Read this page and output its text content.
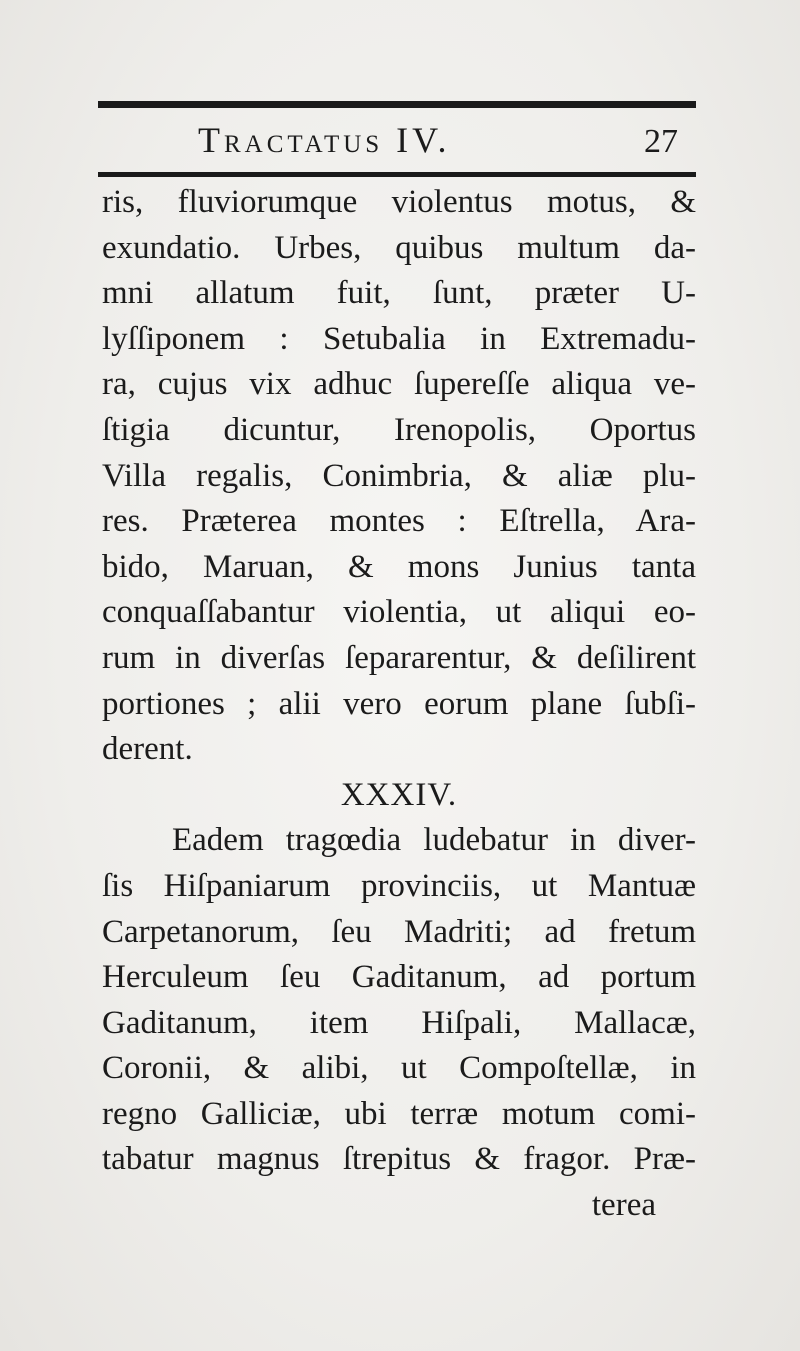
Tractatus IV.	27
ris, fluviorumque violentus motus, &
exundatio. Urbes, quibus multum da-
mni allatum fuit, ſunt, præter U-
lyſſiponem : Setubalia in Extremadu-
ra, cujus vix adhuc ſupereſſe aliqua ve-
ſtigia dicuntur, Irenopolis, Oportus
Villa regalis, Conimbria, & aliæ plu-
res. Præterea montes : Eſtrella, Ara-
bido, Maruan, & mons Junius tanta
conquaſſabantur violentia, ut aliqui eo-
rum in diverſas ſepararentur, & deſilirent
portiones ; alii vero eorum plane ſubſi-
derent.
XXXIV.
Eadem tragœdia ludebatur in diver-
ſis Hiſpaniarum provinciis, ut Mantuæ
Carpetanorum, ſeu Madriti; ad fretum
Herculeum ſeu Gaditanum, ad portum
Gaditanum, item Hiſpali, Mallacæ,
Coronii, & alibi, ut Compoſtellæ, in
regno Galliciæ, ubi terræ motum comi-
tabatur magnus ſtrepitus & fragor. Præ-
terea
